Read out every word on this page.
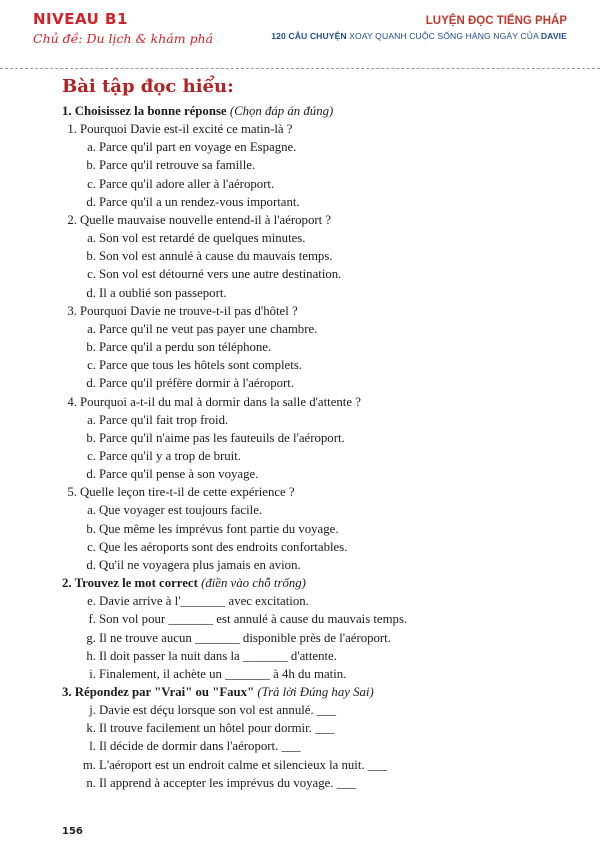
NIVEAU B1
Chủ đề: Du lịch & khám phá
LUYỆN ĐỌC TIẾNG PHÁP
120 CÂU CHUYỆN XOAY QUANH CUỘC SỐNG HÀNG NGÀY CỦA DAVIE
Bài tập đọc hiểu:
1. Choisissez la bonne réponse (Chọn đáp án đúng)
1. Pourquoi Davie est-il excité ce matin-là ?
a. Parce qu'il part en voyage en Espagne.
b. Parce qu'il retrouve sa famille.
c. Parce qu'il adore aller à l'aéroport.
d. Parce qu'il a un rendez-vous important.
2. Quelle mauvaise nouvelle entend-il à l'aéroport ?
a. Son vol est retardé de quelques minutes.
b. Son vol est annulé à cause du mauvais temps.
c. Son vol est détourné vers une autre destination.
d. Il a oublié son passeport.
3. Pourquoi Davie ne trouve-t-il pas d'hôtel ?
a. Parce qu'il ne veut pas payer une chambre.
b. Parce qu'il a perdu son téléphone.
c. Parce que tous les hôtels sont complets.
d. Parce qu'il préfère dormir à l'aéroport.
4. Pourquoi a-t-il du mal à dormir dans la salle d'attente ?
a. Parce qu'il fait trop froid.
b. Parce qu'il n'aime pas les fauteuils de l'aéroport.
c. Parce qu'il y a trop de bruit.
d. Parce qu'il pense à son voyage.
5. Quelle leçon tire-t-il de cette expérience ?
a. Que voyager est toujours facile.
b. Que même les imprévus font partie du voyage.
c. Que les aéroports sont des endroits confortables.
d. Qu'il ne voyagera plus jamais en avion.
2. Trouvez le mot correct (điền vào chỗ trống)
e. Davie arrive à l'_______ avec excitation.
f. Son vol pour _______ est annulé à cause du mauvais temps.
g. Il ne trouve aucun _______ disponible près de l'aéroport.
h. Il doit passer la nuit dans la _______ d'attente.
i. Finalement, il achète un _______ à 4h du matin.
3. Répondez par "Vrai" ou "Faux" (Trả lời Đúng hay Sai)
j. Davie est déçu lorsque son vol est annulé. ___
k. Il trouve facilement un hôtel pour dormir. ___
l. Il décide de dormir dans l'aéroport. ___
m. L'aéroport est un endroit calme et silencieux la nuit. ___
n. Il apprend à accepter les imprévus du voyage. ___
156
